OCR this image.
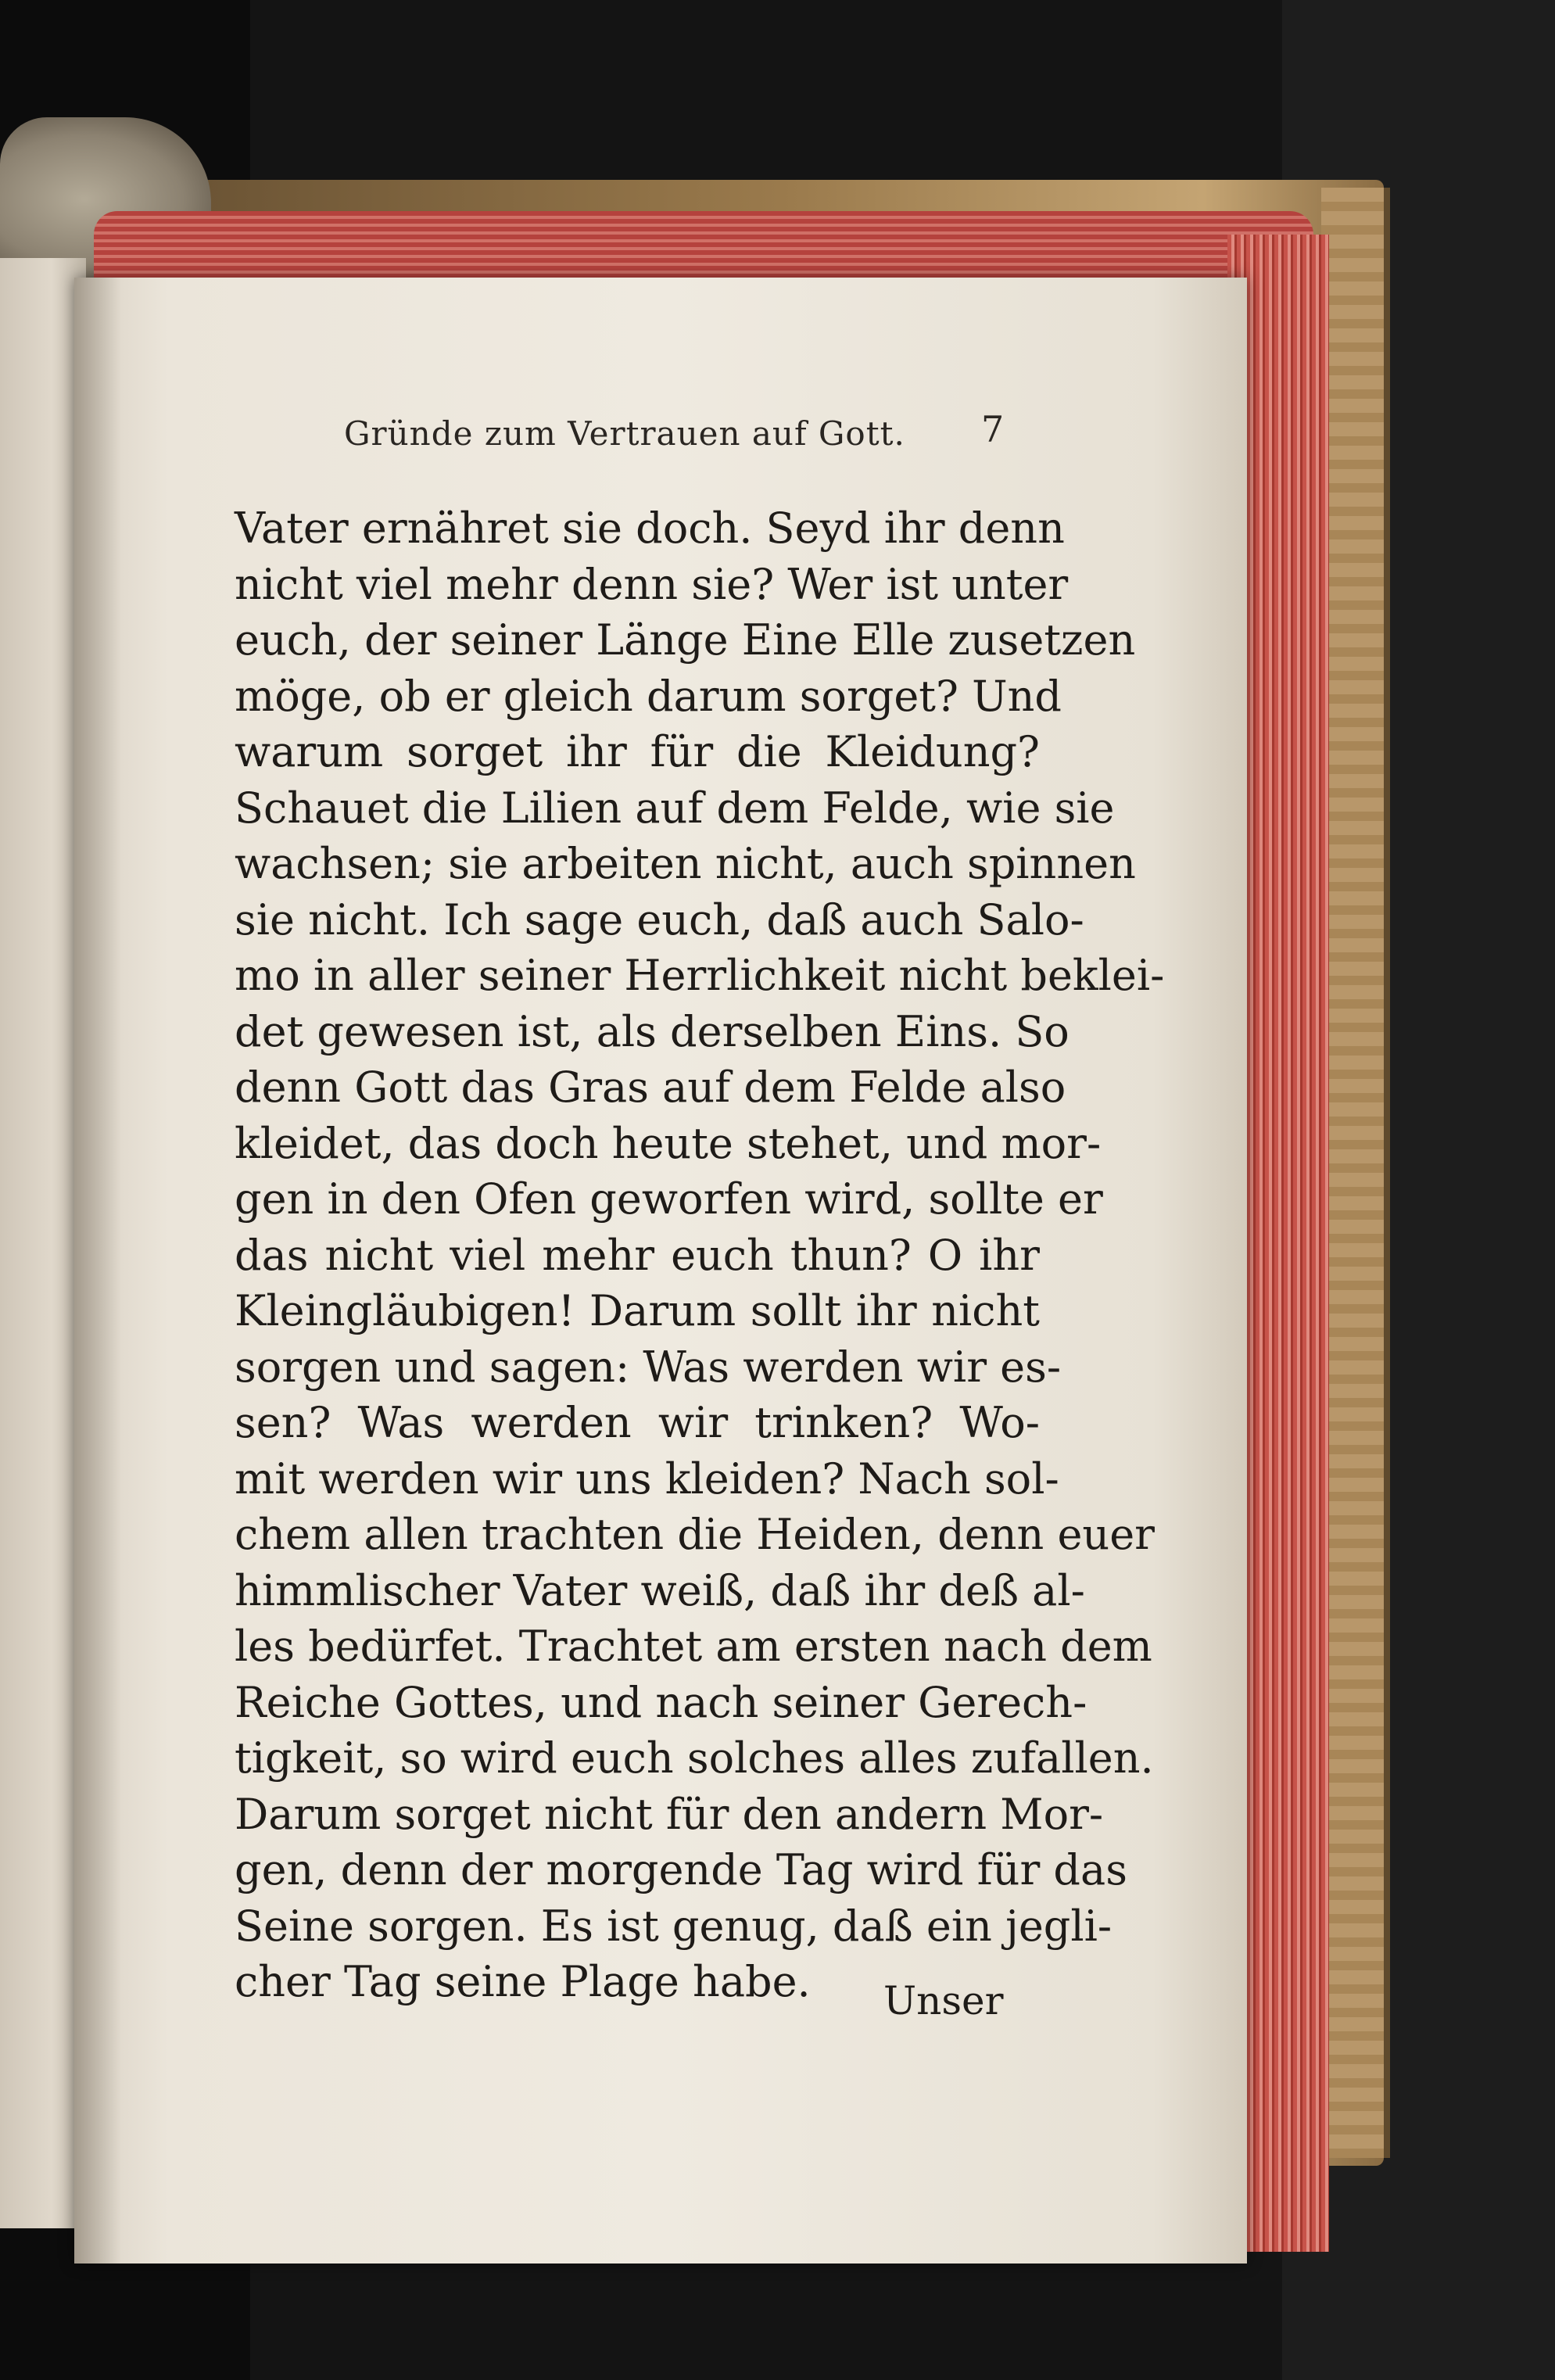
Gründe zum Vertrauen auf Gott.	7
Vater ernähret sie doch. Seyd ihr denn
nicht viel mehr denn sie? Wer ist unter
euch, der seiner Länge Eine Elle zusetzen
möge, ob er gleich darum sorget? Und
warum sorget ihr für die Kleidung?
Schauet die Lilien auf dem Felde, wie sie
wachsen; sie arbeiten nicht, auch spinnen
sie nicht. Ich sage euch, daß auch Salo-
mo in aller seiner Herrlichkeit nicht beklei-
det gewesen ist, als derselben Eins. So
denn Gott das Gras auf dem Felde also
kleidet, das doch heute stehet, und mor-
gen in den Ofen geworfen wird, sollte er
das nicht viel mehr euch thun? O ihr
Kleingläubigen! Darum sollt ihr nicht
sorgen und sagen: Was werden wir es-
sen? Was werden wir trinken? Wo-
mit werden wir uns kleiden? Nach sol-
chem allen trachten die Heiden, denn euer
himmlischer Vater weiß, daß ihr deß al-
les bedürfet. Trachtet am ersten nach dem
Reiche Gottes, und nach seiner Gerech-
tigkeit, so wird euch solches alles zufallen.
Darum sorget nicht für den andern Mor-
gen, denn der morgende Tag wird für das
Seine sorgen. Es ist genug, daß ein jegli-
cher Tag seine Plage habe.	Unser
